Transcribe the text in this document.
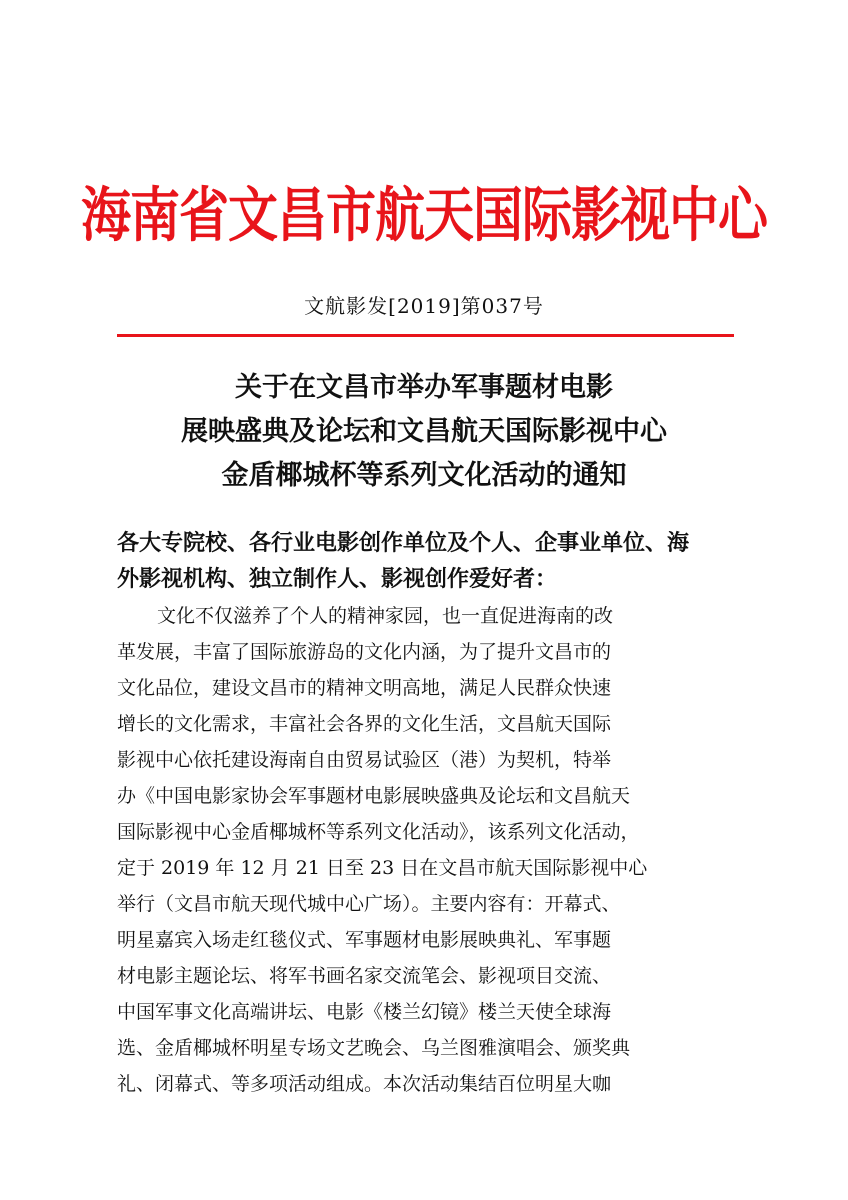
海南省文昌市航天国际影视中心
文航影发[2019]第037号
关于在文昌市举办军事题材电影
展映盛典及论坛和文昌航天国际影视中心
金盾椰城杯等系列文化活动的通知
各大专院校、各行业电影创作单位及个人、企事业单位、海
外影视机构、独立制作人、影视创作爱好者：
文化不仅滋养了个人的精神家园，也一直促进海南的改
革发展，丰富了国际旅游岛的文化内涵，为了提升文昌市的
文化品位，建设文昌市的精神文明高地，满足人民群众快速
增长的文化需求，丰富社会各界的文化生活，文昌航天国际
影视中心依托建设海南自由贸易试验区（港）为契机，特举
办《中国电影家协会军事题材电影展映盛典及论坛和文昌航天
国际影视中心金盾椰城杯等系列文化活动》，该系列文化活动，
定于 2019 年 12 月 21 日至 23 日在文昌市航天国际影视中心
举行（文昌市航天现代城中心广场）。主要内容有：开幕式、
明星嘉宾入场走红毯仪式、军事题材电影展映典礼、军事题
材电影主题论坛、将军书画名家交流笔会、影视项目交流、
中国军事文化高端讲坛、电影《楼兰幻镜》楼兰天使全球海
选、金盾椰城杯明星专场文艺晚会、乌兰图雅演唱会、颁奖典
礼、闭幕式、等多项活动组成。本次活动集结百位明星大咖
